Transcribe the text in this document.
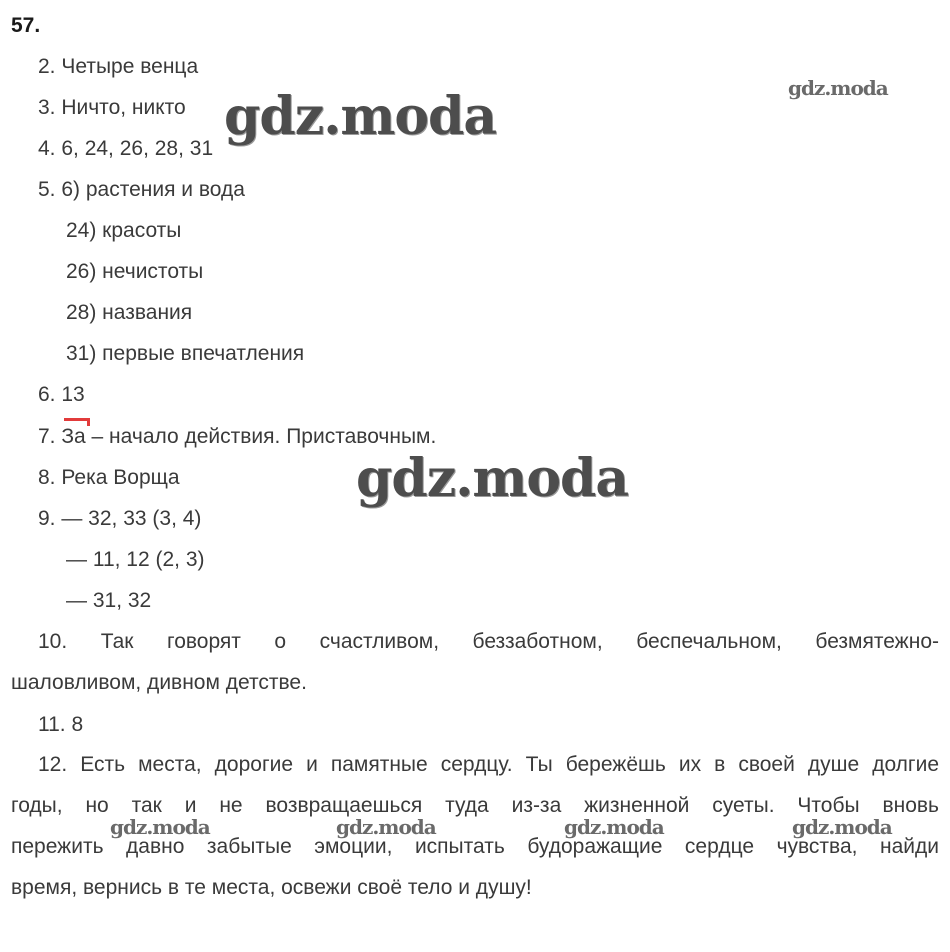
57.
2. Четыре венца
3. Ничто, никто
4. 6, 24, 26, 28, 31
5. 6) растения и вода
24) красоты
26) нечистоты
28) названия
31) первые впечатления
6. 13
7. За – начало действия. Приставочным.
8. Река Ворща
9. — 32, 33 (3, 4)
— 11, 12 (2, 3)
— 31, 32
10. Так говорят о счастливом, беззаботном, беспечальном, безмятежно-
шаловливом, дивном детстве.
11. 8
12. Есть места, дорогие и памятные сердцу. Ты бережёшь их в своей душе долгие
годы, но так и не возвращаешься туда из-за жизненной суеты. Чтобы вновь
пережить давно забытые эмоции, испытать будоражащие сердце чувства, найди
время, вернись в те места, освежи своё тело и душу!
gdz.moda
gdz.moda
gdz.moda
gdz.moda	gdz.moda	gdz.moda	gdz.moda
